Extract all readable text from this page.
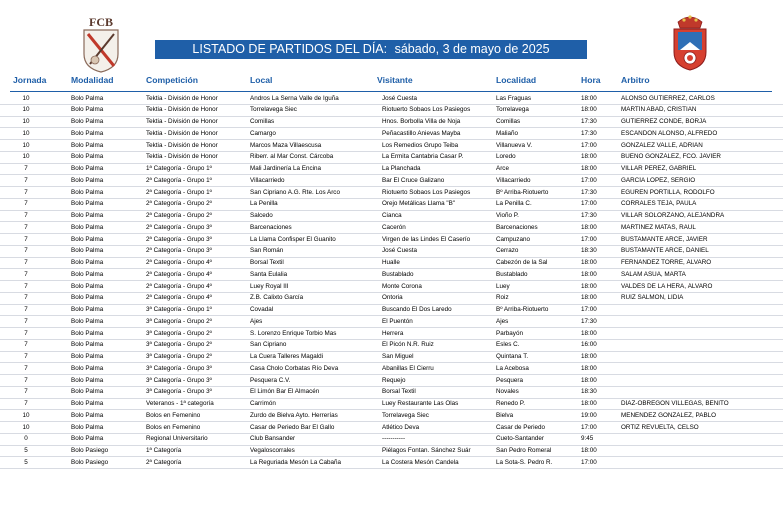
FCB
LISTADO DE PARTIDOS DEL DÍA: sábado, 3 de mayo de 2025
Jornada	Modalidad	Competición	Local	Visitante	Localidad	Hora Arbitro
10	Bolo Palma	Tektia - División de Honor	Andros La Serna Valle de Iguña	José Cuesta	Las Fraguas	18:00	ALONSO GUTIERREZ, CARLOS
10	Bolo Palma	Tektia - División de Honor	Torrelavega Siec	Riotuerto Sobaos Los Pasiegos	Torrelavega	18:00	MARTÍN ABAD, CRISTIAN
10	Bolo Palma	Tektia - División de Honor	Comillas	Hnos. Borbolla Villa de Noja	Comillas	17:30	GUTIERREZ CONDE, BORJA
10	Bolo Palma	Tektia - División de Honor	Camargo	Peñacastillo Anievas Mayba	Maliaño	17:30	ESCANDON ALONSO, ALFREDO
10	Bolo Palma	Tektia - División de Honor	Marcos Maza Villaescusa	Los Remedios Grupo Teiba	Villanueva V.	17:00	GONZALEZ VALLE, ADRIÁN
10	Bolo Palma	Tektia - División de Honor	Riberr. al Mar Const. Cárcoba	La Ermita Cantabria Casar P.	Loredo	18:00	BUENO GONZÁLEZ, FCO. JAVIER
7	Bolo Palma	1ª Categoría - Grupo 1º	Mali Jardinería La Encina	La Planchada	Arce	18:00	VILLAR PEREZ, GABRIEL
7	Bolo Palma	2ª Categoría - Grupo 1º	Villacarriedo	Bar El Cruce Galizano	Villacarriedo	17:00	GARCÍA LÓPEZ, SERGIO
7	Bolo Palma	2ª Categoría - Grupo 1º	San Cipriano A.G. Rte. Los Arco	Riotuerto Sobaos Los Pasiegos	Bº Arriba-Riotuerto	17:30	EGUREN PORTILLA, RODOLFO
7	Bolo Palma	2ª Categoría - Grupo 2º	La Penilla	Orejo Metálicas Llama "B"	La Penilla C.	17:00	CORRALES TEJA, PAULA
7	Bolo Palma	2ª Categoría - Grupo 2º	Salcedo	Cianca	Vioño P.	17:30	VILLAR SOLÓRZANO, ALEJANDRA
7	Bolo Palma	2ª Categoría - Grupo 3º	Barcenaciones	Cacerón	Barcenaciones	18:00	MARTÍNEZ MATAS, RAÚL
7	Bolo Palma	2ª Categoría - Grupo 3º	La Llama Confisper El Guanito	Virgen de las Lindes El Caserío	Campuzano	17:00	BUSTAMANTE ARCE, JAVIER
7	Bolo Palma	2ª Categoría - Grupo 3º	San Román	José Cuesta	Cerrazo	18:30	BUSTAMANTE ARCE, DANIEL
7	Bolo Palma	2ª Categoría - Grupo 4º	Borsal Textil	Hualle	Cabezón de la Sal	18:00	FERNÁNDEZ TORRE, ÁLVARO
7	Bolo Palma	2ª Categoría - Grupo 4º	Santa Eulalia	Bustablado	Bustablado	18:00	SALAM ASÚA, MARTA
7	Bolo Palma	2ª Categoría - Grupo 4º	Luey Royal III	Monte Corona	Luey	18:00	VALDÉS DE LA HERA, ÁLVARO
7	Bolo Palma	2ª Categoría - Grupo 4º	Z.B. Calixto García	Ontoria	Roiz	18:00	RUIZ SALMON, LIDIA
7	Bolo Palma	3ª Categoría - Grupo 1º	Covadal	Buscando El Dos Laredo	Bº Arriba-Riotuerto	17:00
7	Bolo Palma	3ª Categoría - Grupo 2º	Ajes	El Puentón	Ajes	17:30
7	Bolo Palma	3ª Categoría - Grupo 2º	S. Lorenzo Enrique Torbio Mas	Herrera	Parbayón	18:00
7	Bolo Palma	3ª Categoría - Grupo 2º	San Cipriano	El Picón N.R. Ruiz	Esles C.	16:00
7	Bolo Palma	3ª Categoría - Grupo 2º	La Cuera Talleres Magaldi	San Miguel	Quintana T.	18:00
7	Bolo Palma	3ª Categoría - Grupo 3º	Casa Cholo Corbatas Río Deva	Abanillas El Cierru	La Acebosa	18:00
7	Bolo Palma	3ª Categoría - Grupo 3º	Pesquera C.V.	Requejo	Pesquera	18:00
7	Bolo Palma	3ª Categoría - Grupo 3º	El Limón Bar El Almacén	Borsal Textil	Novales	18:30
7	Bolo Palma	Veteranos - 1ª categoría	Carrimón	Luey Restaurante Las Olas	Renedo P.	18:00	DÍAZ-OBREGÓN VILLEGAS, BENITO
10	Bolo Palma	Bolos en Femenino	Zurdo de Bielva Ayto. Herrerías	Torrelavega Siec	Bielva	19:00	MENENDEZ GONZÁLEZ, PABLO
10	Bolo Palma	Bolos en Femenino	Casar de Periedo Bar El Gallo	Atlético Deva	Casar de Periedo	17:00	ORTIZ REVUELTA, CELSO
0	Bolo Palma	Regional Universitario	Club Bansander	-----------	Cueto-Santander	9:45
5	Bolo Pasiego	1ª Categoría	Vegaloscorrales	Piélagos Fontan. Sánchez Suár	San Pedro Romeral	18:00
5	Bolo Pasiego	2ª Categoría	La Reguriada Mesón La Cabaña	La Costera Mesón Candela	La Sota-S. Pedro R.	17:00
